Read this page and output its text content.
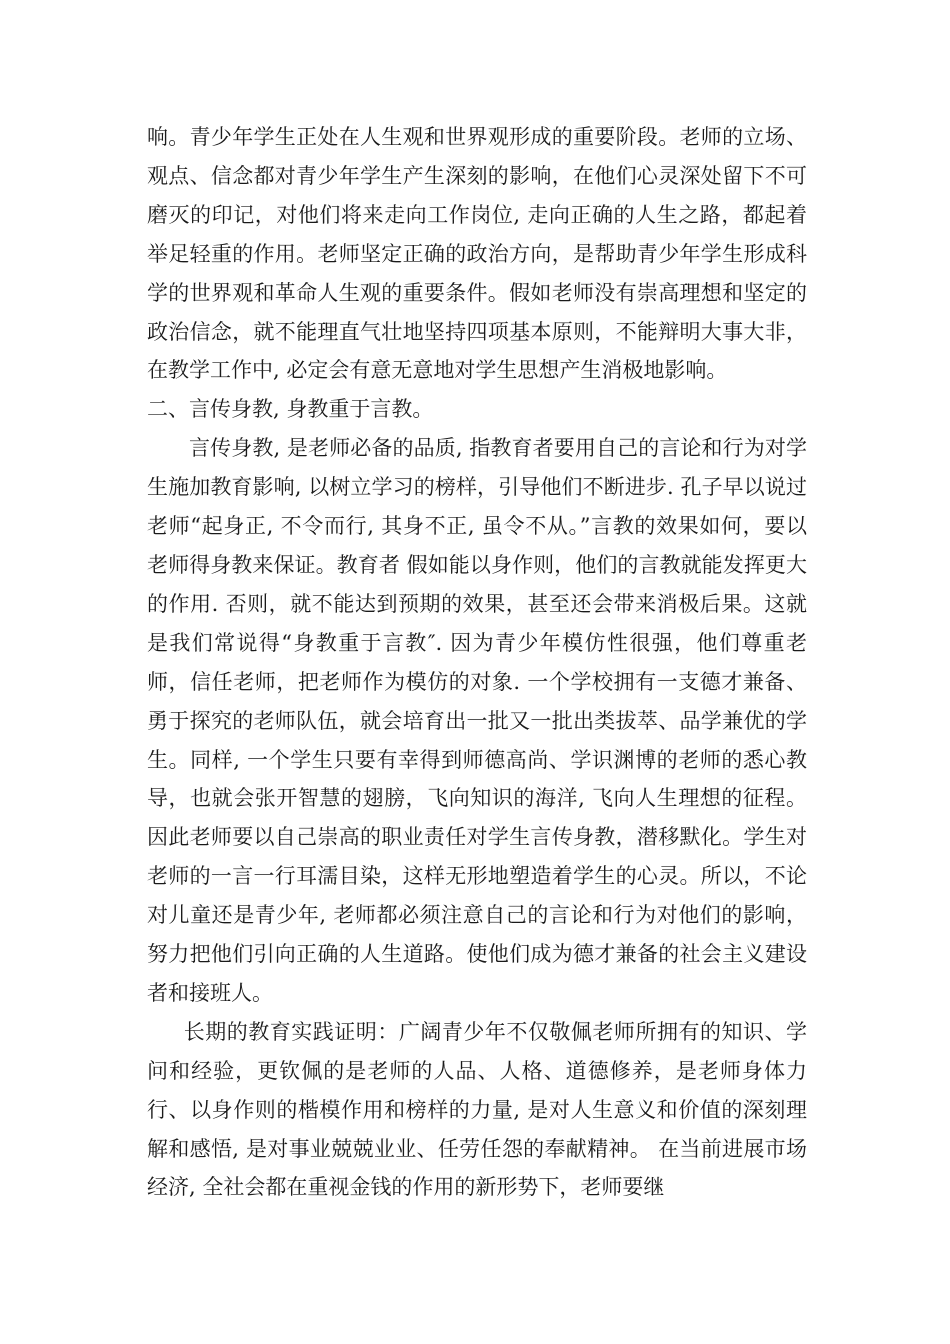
响。青少年学生正处在人生观和世界观形成的重要阶段。老师的立场、观点、信念都对青少年学生产生深刻的影响，在他们心灵深处留下不可磨灭的印记，对他们将来走向工作岗位, 走向正确的人生之路，都起着举足轻重的作用。老师坚定正确的政治方向，是帮助青少年学生形成科学的世界观和革命人生观的重要条件。假如老师没有崇高理想和坚定的政治信念，就不能理直气壮地坚持四项基本原则，不能辩明大事大非，在教学工作中, 必定会有意无意地对学生思想产生消极地影响。

二、言传身教, 身教重于言教。

言传身教, 是老师必备的品质, 指教育者要用自己的言论和行为对学生施加教育影响, 以树立学习的榜样，引导他们不断进步. 孔子早以说过老师“起身正, 不令而行, 其身不正, 虽令不从。”言教的效果如何，要以老师得身教来保证。教育者 假如能以身作则，他们的言教就能发挥更大的作用. 否则，就不能达到预期的效果，甚至还会带来消极后果。这就是我们常说得“身教重于言教″. 因为青少年模仿性很强，他们尊重老师，信任老师，把老师作为模仿的对象. 一个学校拥有一支德才兼备、勇于探究的老师队伍，就会培育出一批又一批出类拔萃、品学兼优的学生。同样, 一个学生只要有幸得到师德高尚、学识渊博的老师的悉心教导，也就会张开智慧的翅膀，飞向知识的海洋, 飞向人生理想的征程。因此老师要以自己崇高的职业责任对学生言传身教，潜移默化。学生对老师的一言一行耳濡目染，这样无形地塑造着学生的心灵。所以，不论对儿童还是青少年, 老师都必须注意自己的言论和行为对他们的影响，努力把他们引向正确的人生道路。使他们成为德才兼备的社会主义建设者和接班人。

长期的教育实践证明：广阔青少年不仅敬佩老师所拥有的知识、学问和经验，更钦佩的是老师的人品、人格、道德修养，是老师身体力行、以身作则的楷模作用和榜样的力量, 是对人生意义和价值的深刻理解和感悟, 是对事业兢兢业业、任劳任怨的奉献精神。 在当前进展市场经济, 全社会都在重视金钱的作用的新形势下，老师要继
